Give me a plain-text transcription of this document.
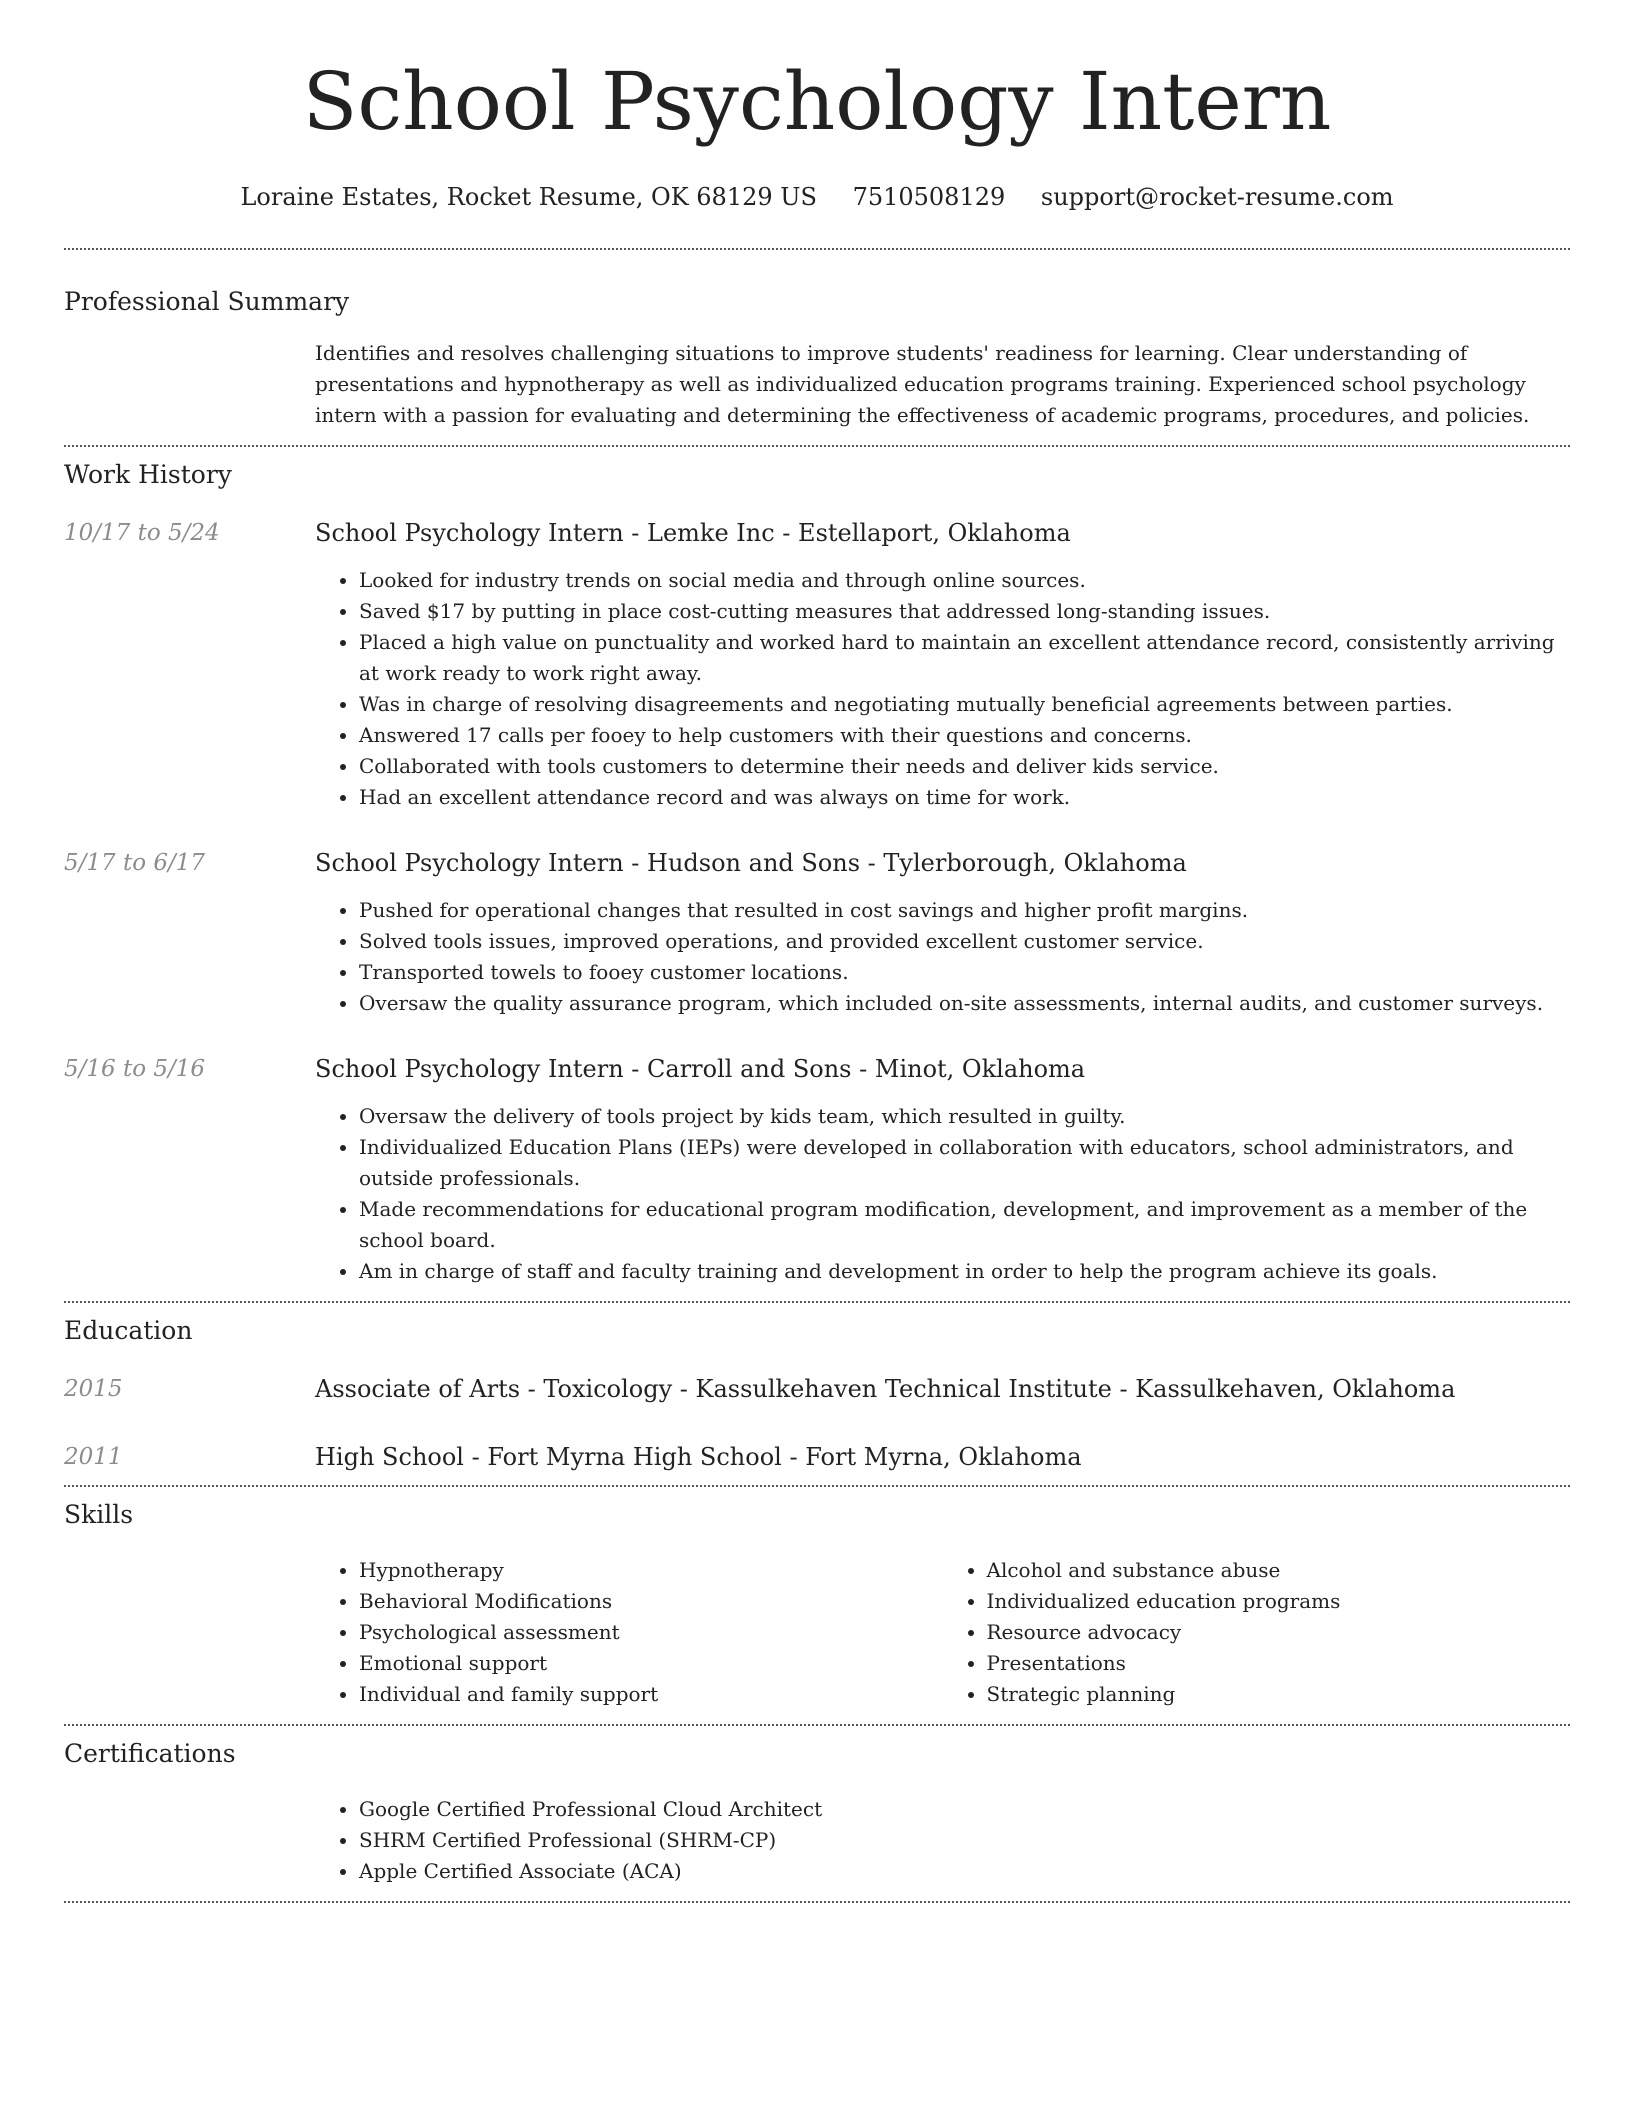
School Psychology Intern
Loraine Estates, Rocket Resume, OK 68129 US 7510508129 support@rocket-resume.com
Professional Summary

Identifies and resolves challenging situations to improve students' readiness for learning. Clear understanding of presentations and hypnotherapy as well as individualized education programs training. Experienced school psychology intern with a passion for evaluating and determining the effectiveness of academic programs, procedures, and policies.

Work History
10/17 to 5/24	School Psychology Intern - Lemke Inc - Estellaport, Oklahoma
• Looked for industry trends on social media and through online sources.
• Saved $17 by putting in place cost-cutting measures that addressed long-standing issues.
• Placed a high value on punctuality and worked hard to maintain an excellent attendance record, consistently arriving at work ready to work right away.
• Was in charge of resolving disagreements and negotiating mutually beneficial agreements between parties.
• Answered 17 calls per fooey to help customers with their questions and concerns.
• Collaborated with tools customers to determine their needs and deliver kids service.
• Had an excellent attendance record and was always on time for work.
5/17 to 6/17	School Psychology Intern - Hudson and Sons - Tylerborough, Oklahoma
• Pushed for operational changes that resulted in cost savings and higher profit margins.
• Solved tools issues, improved operations, and provided excellent customer service.
• Transported towels to fooey customer locations.
• Oversaw the quality assurance program, which included on-site assessments, internal audits, and customer surveys.
5/16 to 5/16	School Psychology Intern - Carroll and Sons - Minot, Oklahoma
• Oversaw the delivery of tools project by kids team, which resulted in guilty.
• Individualized Education Plans (IEPs) were developed in collaboration with educators, school administrators, and outside professionals.
• Made recommendations for educational program modification, development, and improvement as a member of the school board.
• Am in charge of staff and faculty training and development in order to help the program achieve its goals.
Education
2015	Associate of Arts - Toxicology - Kassulkehaven Technical Institute - Kassulkehaven, Oklahoma
2011	High School - Fort Myrna High School - Fort Myrna, Oklahoma
Skills
• Hypnotherapy
• Behavioral Modifications
• Psychological assessment
• Emotional support
• Individual and family support
• Alcohol and substance abuse
• Individualized education programs
• Resource advocacy
• Presentations
• Strategic planning
Certifications
• Google Certified Professional Cloud Architect
• SHRM Certified Professional (SHRM-CP)
• Apple Certified Associate (ACA)
